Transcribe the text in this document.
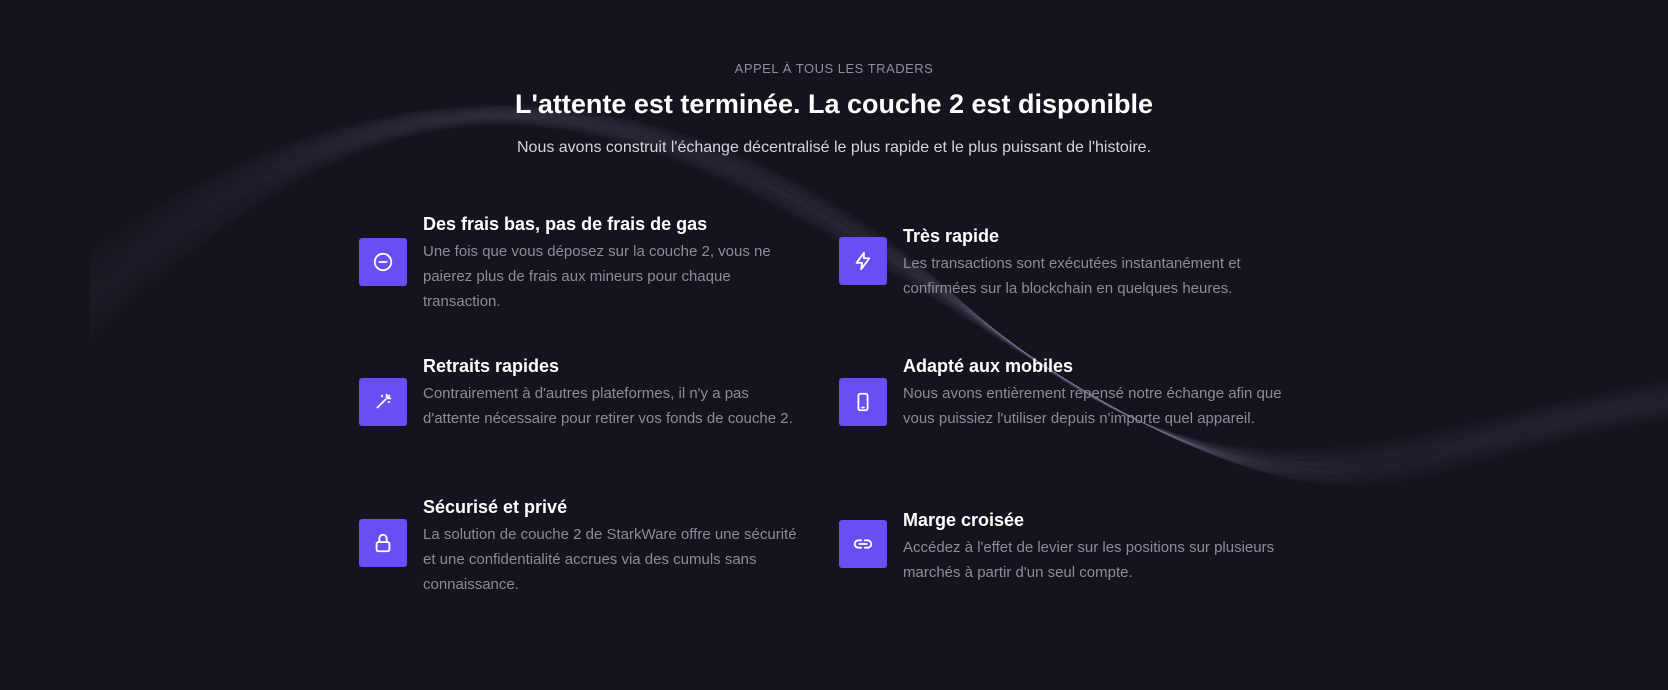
APPEL À TOUS LES TRADERS
L'attente est terminée. La couche 2 est disponible
Nous avons construit l'échange décentralisé le plus rapide et le plus puissant de l'histoire.
Des frais bas, pas de frais de gas
Une fois que vous déposez sur la couche 2, vous ne paierez plus de frais aux mineurs pour chaque transaction.
Très rapide
Les transactions sont exécutées instantanément et confirmées sur la blockchain en quelques heures.
Retraits rapides
Contrairement à d'autres plateformes, il n'y a pas d'attente nécessaire pour retirer vos fonds de couche 2.
Adapté aux mobiles
Nous avons entièrement repensé notre échange afin que vous puissiez l'utiliser depuis n'importe quel appareil.
Sécurisé et privé
La solution de couche 2 de StarkWare offre une sécurité et une confidentialité accrues via des cumuls sans connaissance.
Marge croisée
Accédez à l'effet de levier sur les positions sur plusieurs marchés à partir d'un seul compte.
